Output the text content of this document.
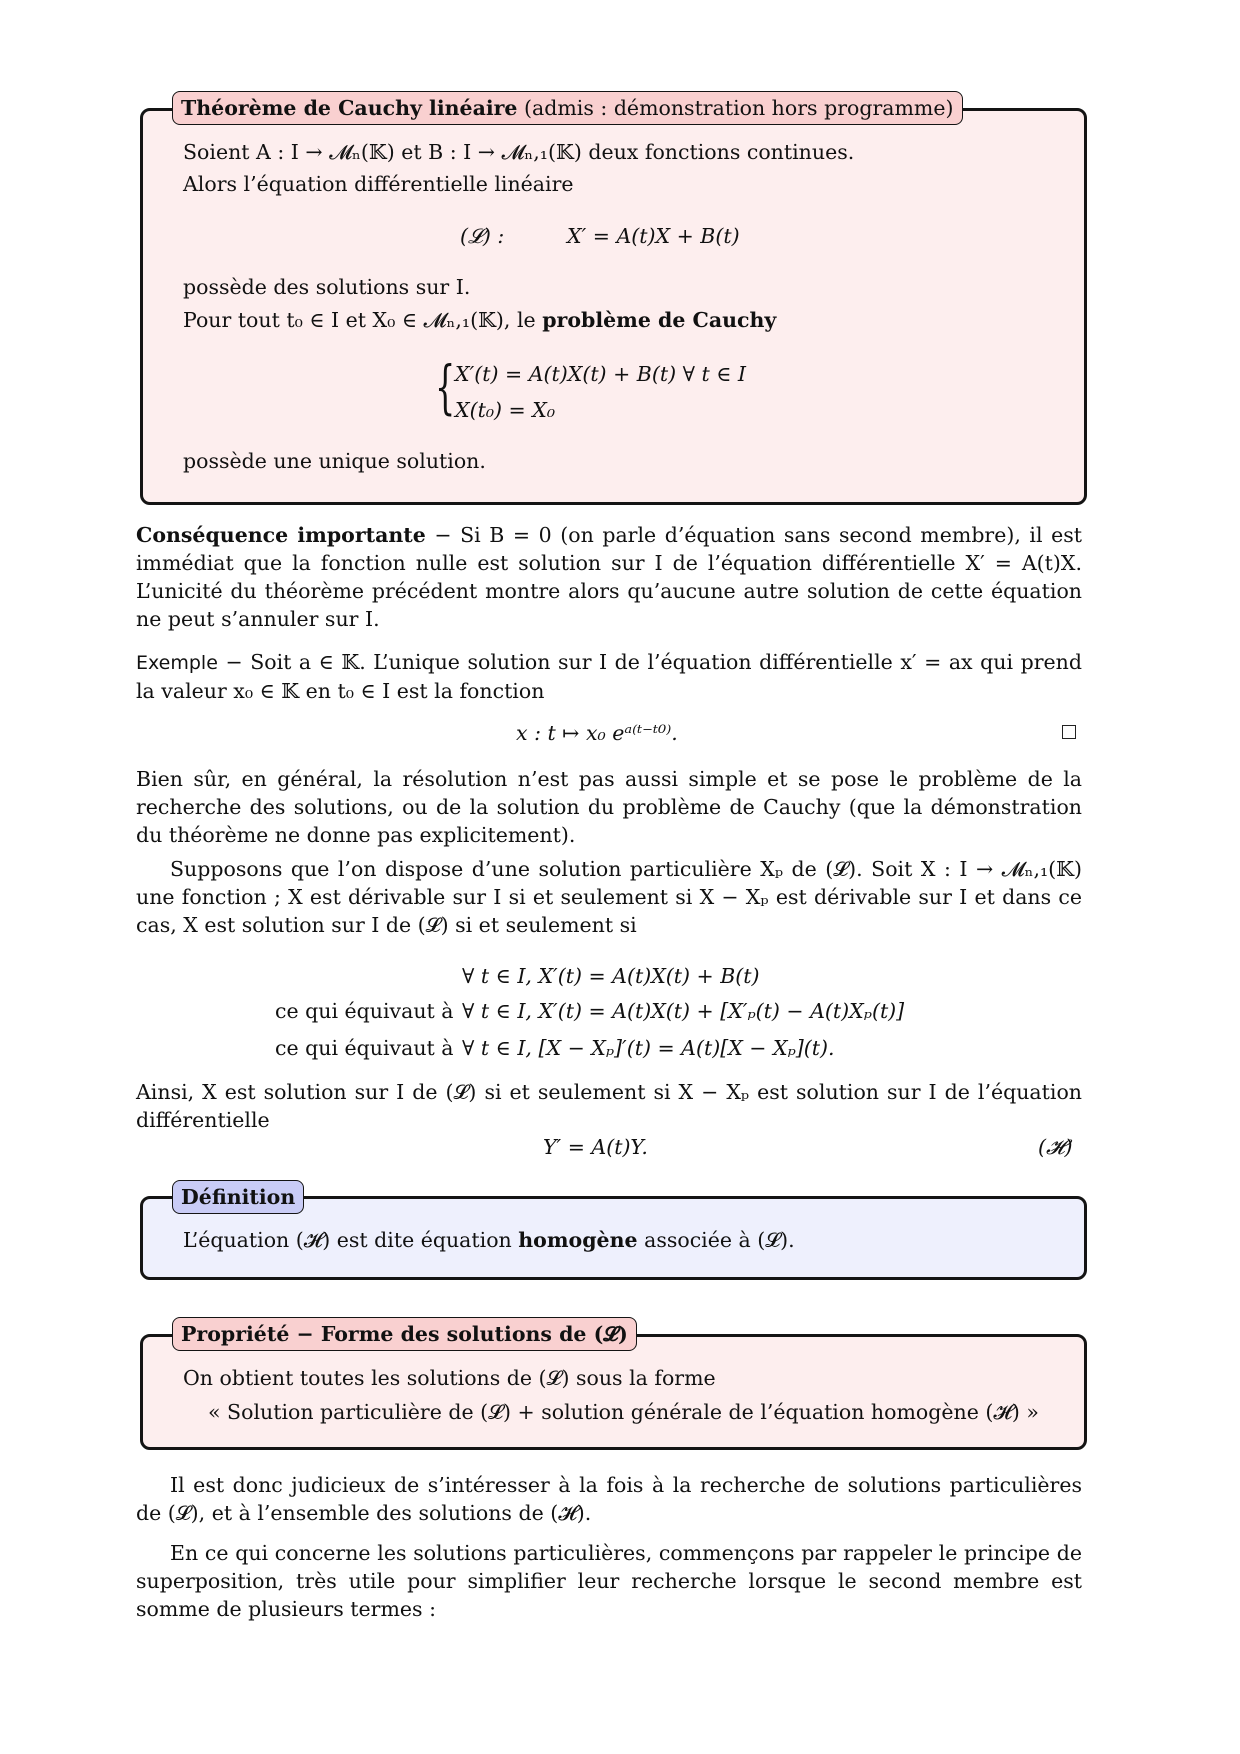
Théorème de Cauchy linéaire (admis : démonstration hors programme)
Soient A : I → 𝓜ₙ(𝕂) et B : I → 𝓜ₙ,₁(𝕂) deux fonctions continues.
Alors l’équation différentielle linéaire
(𝓛) :	X′ = A(t)X + B(t)
possède des solutions sur I.
Pour tout t₀ ∈ I et X₀ ∈ 𝓜ₙ,₁(𝕂), le problème de Cauchy
{ X′(t) = A(t)X(t) + B(t) ∀ t ∈ I
X(t₀) = X₀
possède une unique solution.

Conséquence importante − Si B = 0 (on parle d’équation sans second membre), il est immédiat que la fonction nulle est solution sur I de l’équation différentielle X′ = A(t)X. L’unicité du théorème précédent montre alors qu’aucune autre solution de cette équation ne peut s’annuler sur I.

Exemple − Soit a ∈ 𝕂. L’unique solution sur I de l’équation différentielle x′ = ax qui prend la valeur x₀ ∈ 𝕂 en t₀ ∈ I est la fonction

x : t ↦ x₀ eᵃ⁽ᵗ⁻ᵗ⁰⁾.
Bien sûr, en général, la résolution n’est pas aussi simple et se pose le problème de la recherche des solutions, ou de la solution du problème de Cauchy (que la démonstration du théorème ne donne pas explicitement).
Supposons que l’on dispose d’une solution particulière Xₚ de (𝓛). Soit X : I → 𝓜ₙ,₁(𝕂) une fonction ; X est dérivable sur I si et seulement si X − Xₚ est dérivable sur I et dans ce cas, X est solution sur I de (𝓛) si et seulement si
∀ t ∈ I, X′(t) = A(t)X(t) + B(t)
ce qui équivaut à ∀ t ∈ I, X′(t) = A(t)X(t) + [X′ₚ(t) − A(t)Xₚ(t)]
ce qui équivaut à ∀ t ∈ I, [X − Xₚ]′(t) = A(t)[X − Xₚ](t).
Ainsi, X est solution sur I de (𝓛) si et seulement si X − Xₚ est solution sur I de l’équation différentielle
Y′ = A(t)Y.	(𝓗)
Définition
L’équation (𝓗) est dite équation homogène associée à (𝓛).
Propriété − Forme des solutions de (𝓛)
On obtient toutes les solutions de (𝓛) sous la forme
« Solution particulière de (𝓛) + solution générale de l’équation homogène (𝓗) »
Il est donc judicieux de s’intéresser à la fois à la recherche de solutions particulières de (𝓛), et à l’ensemble des solutions de (𝓗).
En ce qui concerne les solutions particulières, commençons par rappeler le principe de superposition, très utile pour simplifier leur recherche lorsque le second membre est somme de plusieurs termes :
